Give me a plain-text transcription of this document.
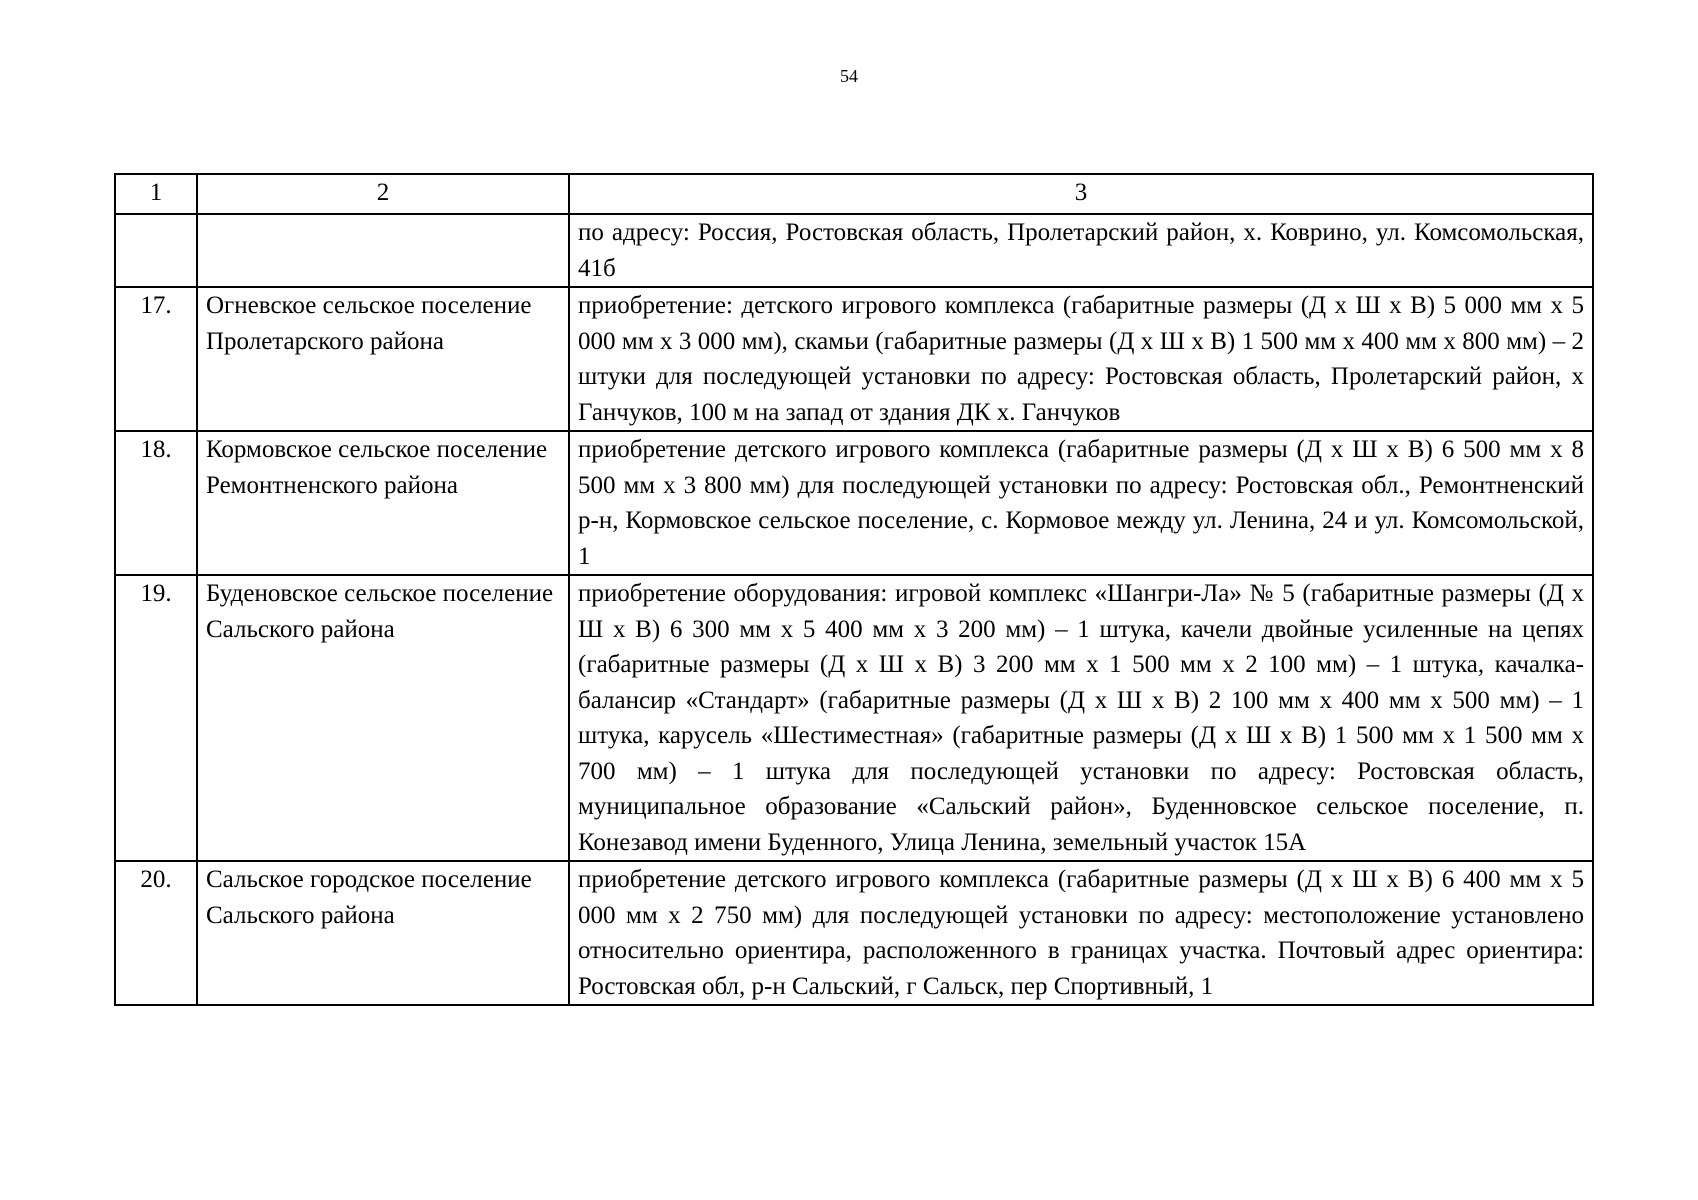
54
1	2	3
		по адресу: Россия, Ростовская область, Пролетарский район, х. Коврино, ул. Комсомольская, 41б
17.	Огневское сельское поселение Пролетарского района	приобретение: детского игрового комплекса (габаритные размеры (Д х Ш х В) 5 000 мм х 5 000 мм х 3 000 мм), скамьи (габаритные размеры (Д х Ш х В) 1 500 мм х 400 мм х 800 мм) – 2 штуки для последующей установки по адресу: Ростовская область, Пролетарский район, х Ганчуков, 100 м на запад от здания ДК х. Ганчуков
18.	Кормовское сельское поселение Ремонтненского района	приобретение детского игрового комплекса (габаритные размеры (Д х Ш х В) 6 500 мм х 8 500 мм х 3 800 мм) для последующей установки по адресу: Ростовская обл., Ремонтненский р-н, Кормовское сельское поселение, с. Кормовое между ул. Ленина, 24 и ул. Комсомольской, 1
19.	Буденовское сельское поселение Сальского района	приобретение оборудования: игровой комплекс «Шангри-Ла» № 5 (габаритные размеры (Д х Ш х В) 6 300 мм х 5 400 мм х 3 200 мм) – 1 штука, качели двойные усиленные на цепях (габаритные размеры (Д х Ш х В) 3 200 мм х 1 500 мм х 2 100 мм) – 1 штука, качалка-балансир «Стандарт» (габаритные размеры (Д х Ш х В) 2 100 мм х 400 мм х 500 мм) – 1 штука, карусель «Шестиместная» (габаритные размеры (Д х Ш х В) 1 500 мм х 1 500 мм х 700 мм) – 1 штука для последующей установки по адресу: Ростовская область, муниципальное образование «Сальский район», Буденновское сельское поселение, п. Конезавод имени Буденного, Улица Ленина, земельный участок 15А
20.	Сальское городское поселение Сальского района	приобретение детского игрового комплекса (габаритные размеры (Д х Ш х В) 6 400 мм х 5 000 мм х 2 750 мм) для последующей установки по адресу: местоположение установлено относительно ориентира, расположенного в границах участка. Почтовый адрес ориентира: Ростовская обл, р-н Сальский, г Сальск, пер Спортивный, 1
